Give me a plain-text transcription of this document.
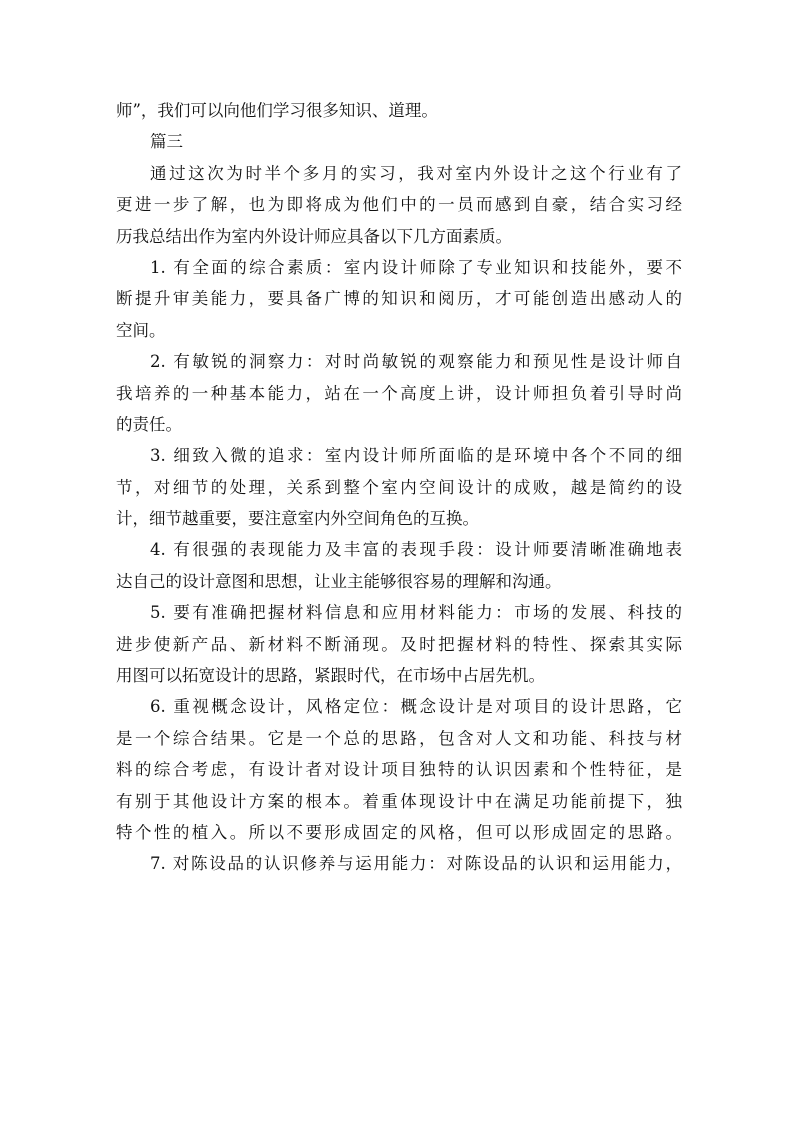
师”，我们可以向他们学习很多知识、道理。
篇三
通过这次为时半个多月的实习，我对室内外设计之这个行业有了
更进一步了解，也为即将成为他们中的一员而感到自豪，结合实习经
历我总结出作为室内外设计师应具备以下几方面素质。
1. 有全面的综合素质：室内设计师除了专业知识和技能外，要不
断提升审美能力，要具备广博的知识和阅历，才可能创造出感动人的
空间。
2. 有敏锐的洞察力：对时尚敏锐的观察能力和预见性是设计师自
我培养的一种基本能力，站在一个高度上讲，设计师担负着引导时尚
的责任。
3. 细致入微的追求：室内设计师所面临的是环境中各个不同的细
节，对细节的处理，关系到整个室内空间设计的成败，越是简约的设
计，细节越重要，要注意室内外空间角色的互换。
4. 有很强的表现能力及丰富的表现手段：设计师要清晰准确地表
达自己的设计意图和思想，让业主能够很容易的理解和沟通。
5. 要有准确把握材料信息和应用材料能力：市场的发展、科技的
进步使新产品、新材料不断涌现。及时把握材料的特性、探索其实际
用图可以拓宽设计的思路，紧跟时代，在市场中占居先机。
6. 重视概念设计，风格定位：概念设计是对项目的设计思路，它
是一个综合结果。它是一个总的思路，包含对人文和功能、科技与材
料的综合考虑，有设计者对设计项目独特的认识因素和个性特征，是
有别于其他设计方案的根本。着重体现设计中在满足功能前提下，独
特个性的植入。所以不要形成固定的风格，但可以形成固定的思路。
7. 对陈设品的认识修养与运用能力：对陈设品的认识和运用能力，
